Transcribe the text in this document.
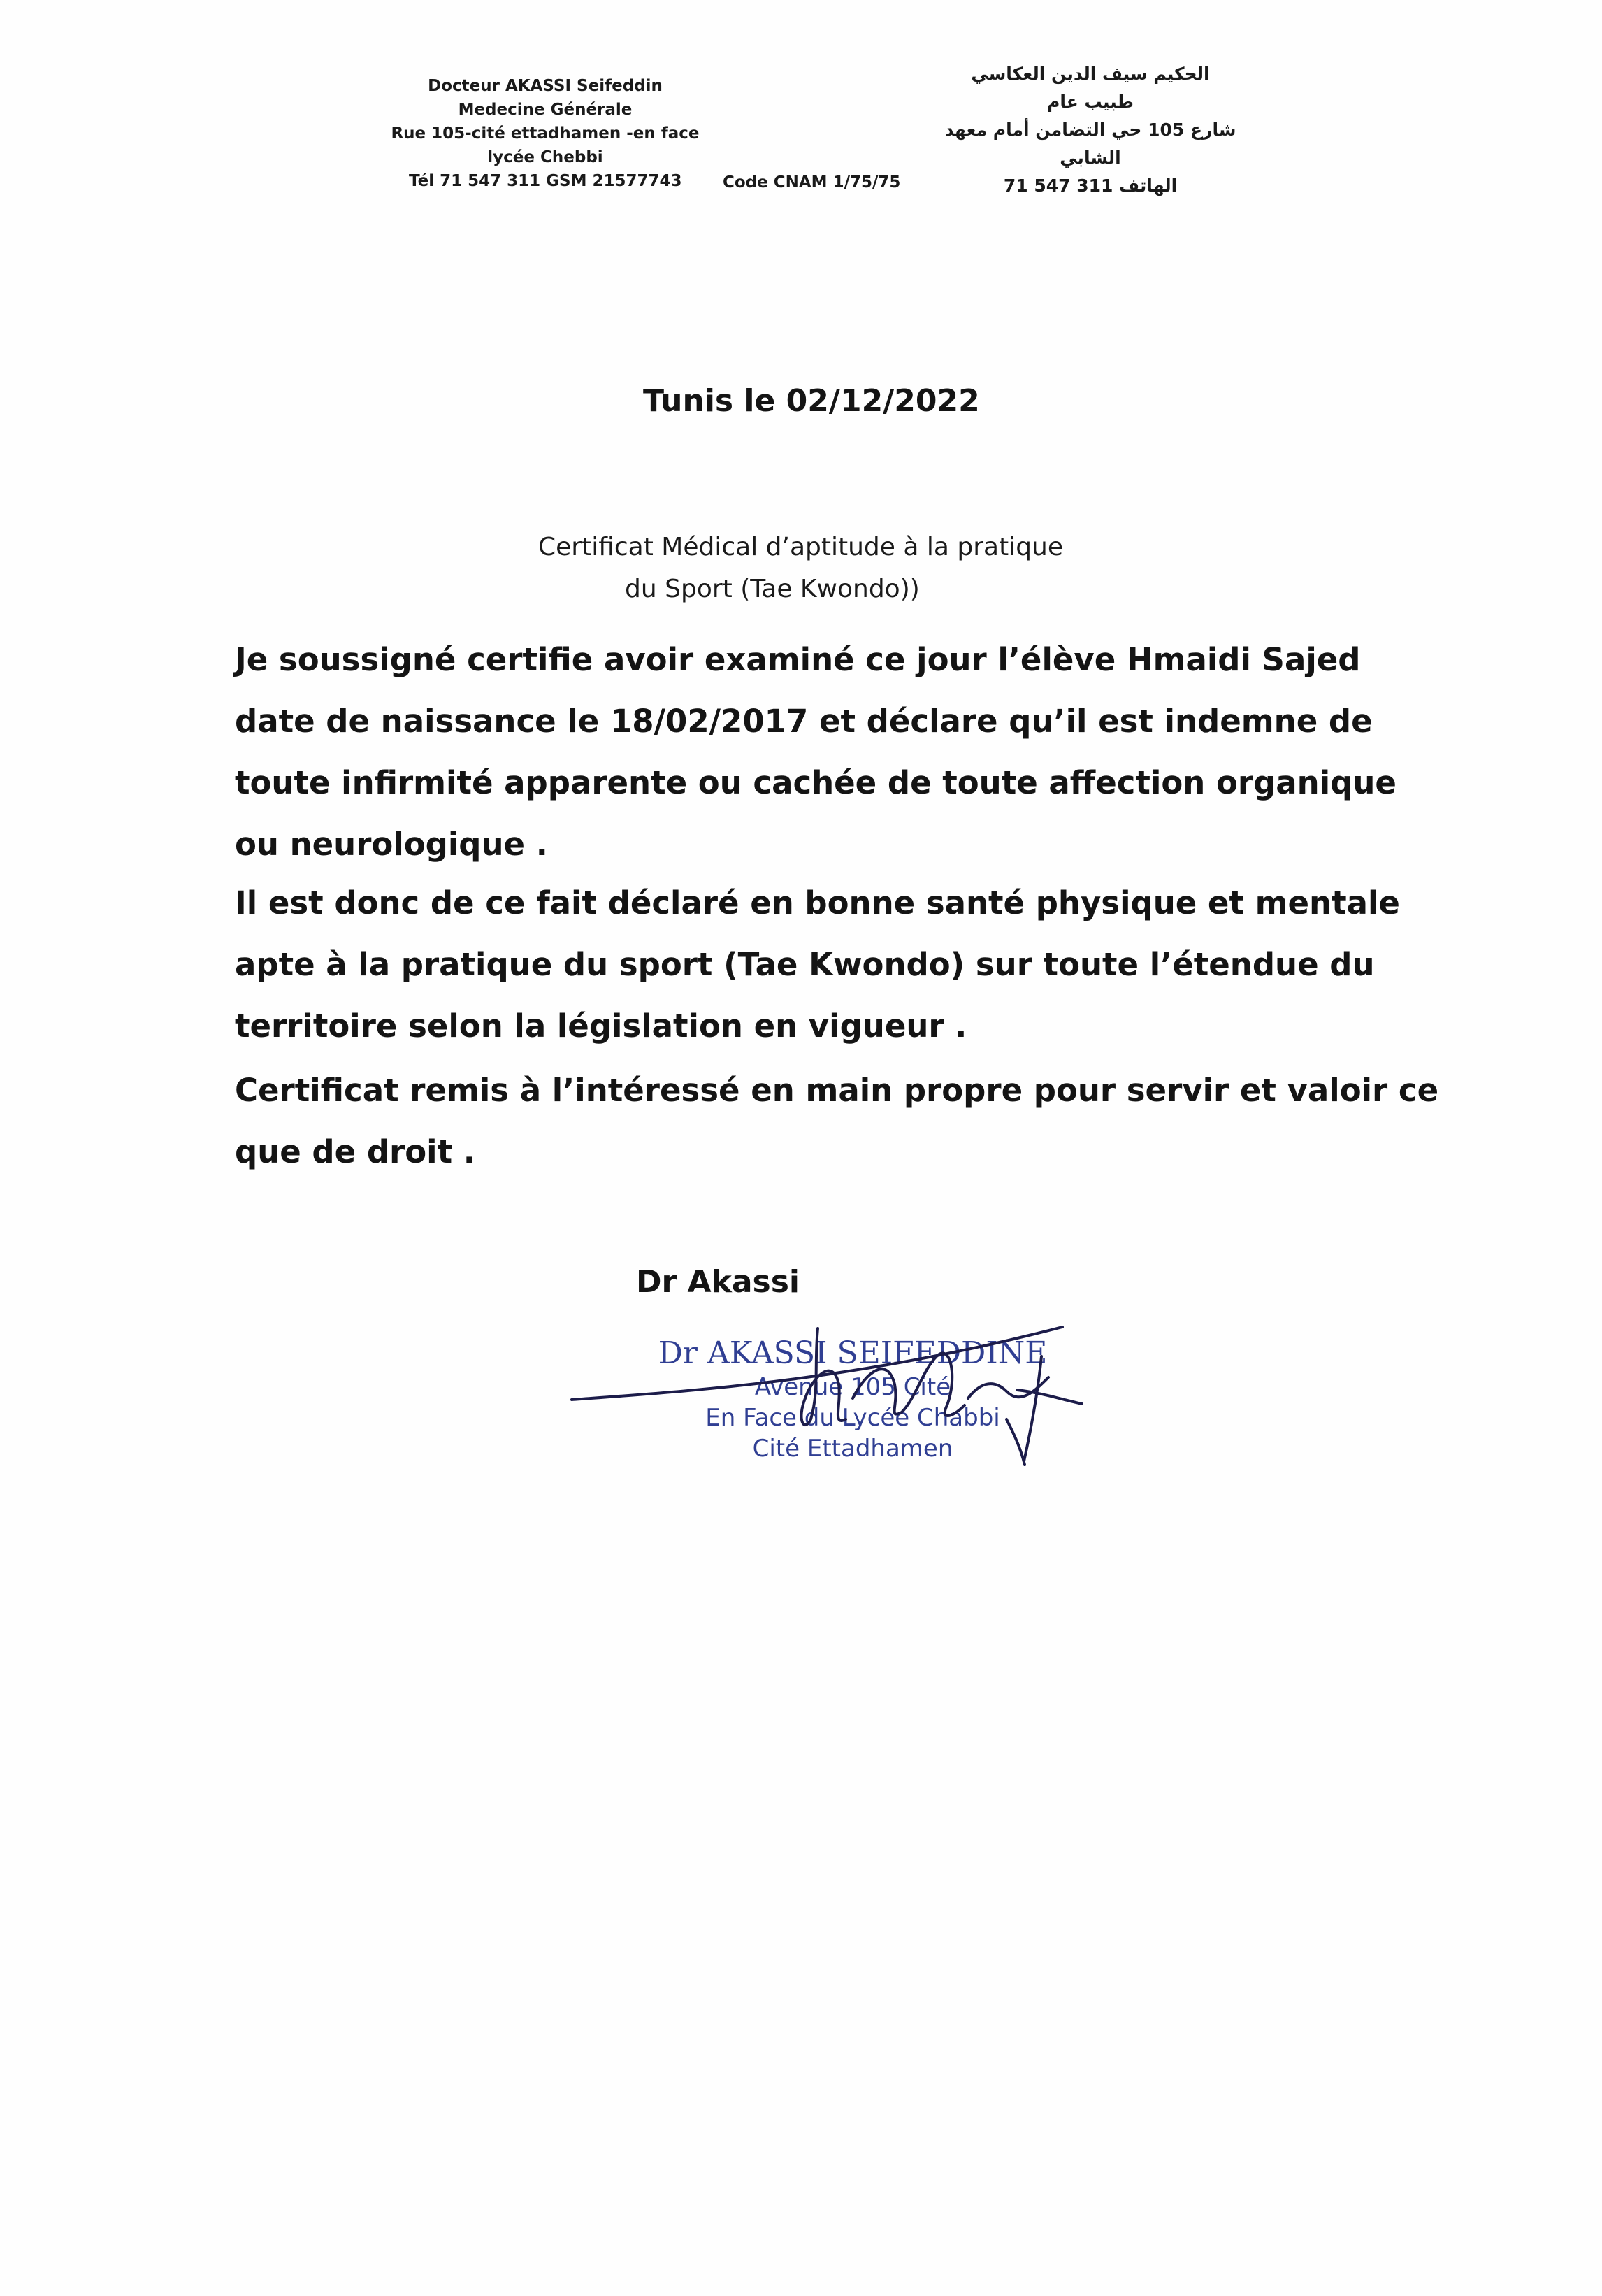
Docteur AKASSI Seifeddin
Medecine Générale
Rue 105-cité ettadhamen -en face
lycée Chebbi
Tél 71 547 311 GSM 21577743	Code CNAM 1/75/75
الحكيم سيف الدين العكاسي
طبيب عام
شارع 105 حي التضامن أمام معهد
الشابي
الهاتف 311 547 71
Tunis le 02/12/2022
Certificat Médical d’aptitude à la pratique
du Sport (Tae Kwondo))
Je soussigné certifie avoir examiné ce jour l’élève Hmaidi Sajed
date de naissance le 18/02/2017 et déclare qu’il est indemne de
toute infirmité apparente ou cachée de toute affection organique
ou neurologique .
Il est donc de ce fait déclaré en bonne santé physique et mentale
apte à la pratique du sport (Tae Kwondo) sur toute l’étendue du
territoire selon la législation en vigueur .
Certificat remis à l’intéressé en main propre pour servir et valoir ce
que de droit .
Dr Akassi
Dr AKASSI SEIFEDDINE
Avenue 105 Cité
En Face du Lycée Chabbi
Cité Ettadhamen
